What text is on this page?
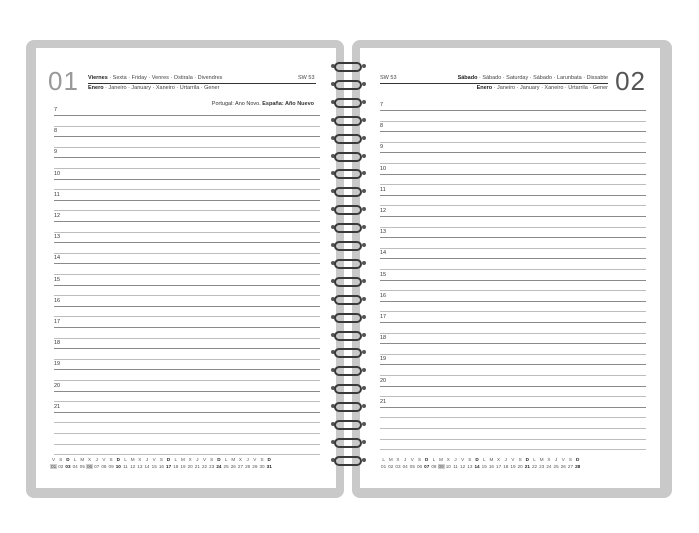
01 Viernes · Sexta · Friday · Venres · Ostirala · Divendres	SW 53
Enero · Janeiro · January · Xaneiro · Urtarrila · Gener
Portugal: Ano Novo. España: Año Nuevo
7
8
9
10
11
12
13
14
15
16
17
18
19
20
21
V S D L M X J V S D L M X J V S D L M X J V S D L M X J V S D
01 02 03 04 05 06 07 08 09 10 11 12 13 14 15 16 17 18 19 20 21 22 23 24 25 26 27 28 29 30 31
SW 53	Sábado · Sábado · Saturday · Sábado · Larunbata · Dissabte
Enero · Janeiro · January · Xaneiro · Urtarrila · Gener 02
7
8
9
10
11
12
13
14
15
16
17
18
19
20
21
L M X J V S D L M X J V S D L M X J V S D L M X J V S D
01 02 03 04 05 06 07 08 09 10 11 12 13 14 15 16 17 18 19 20 21 22 23 24 25 26 27 28
